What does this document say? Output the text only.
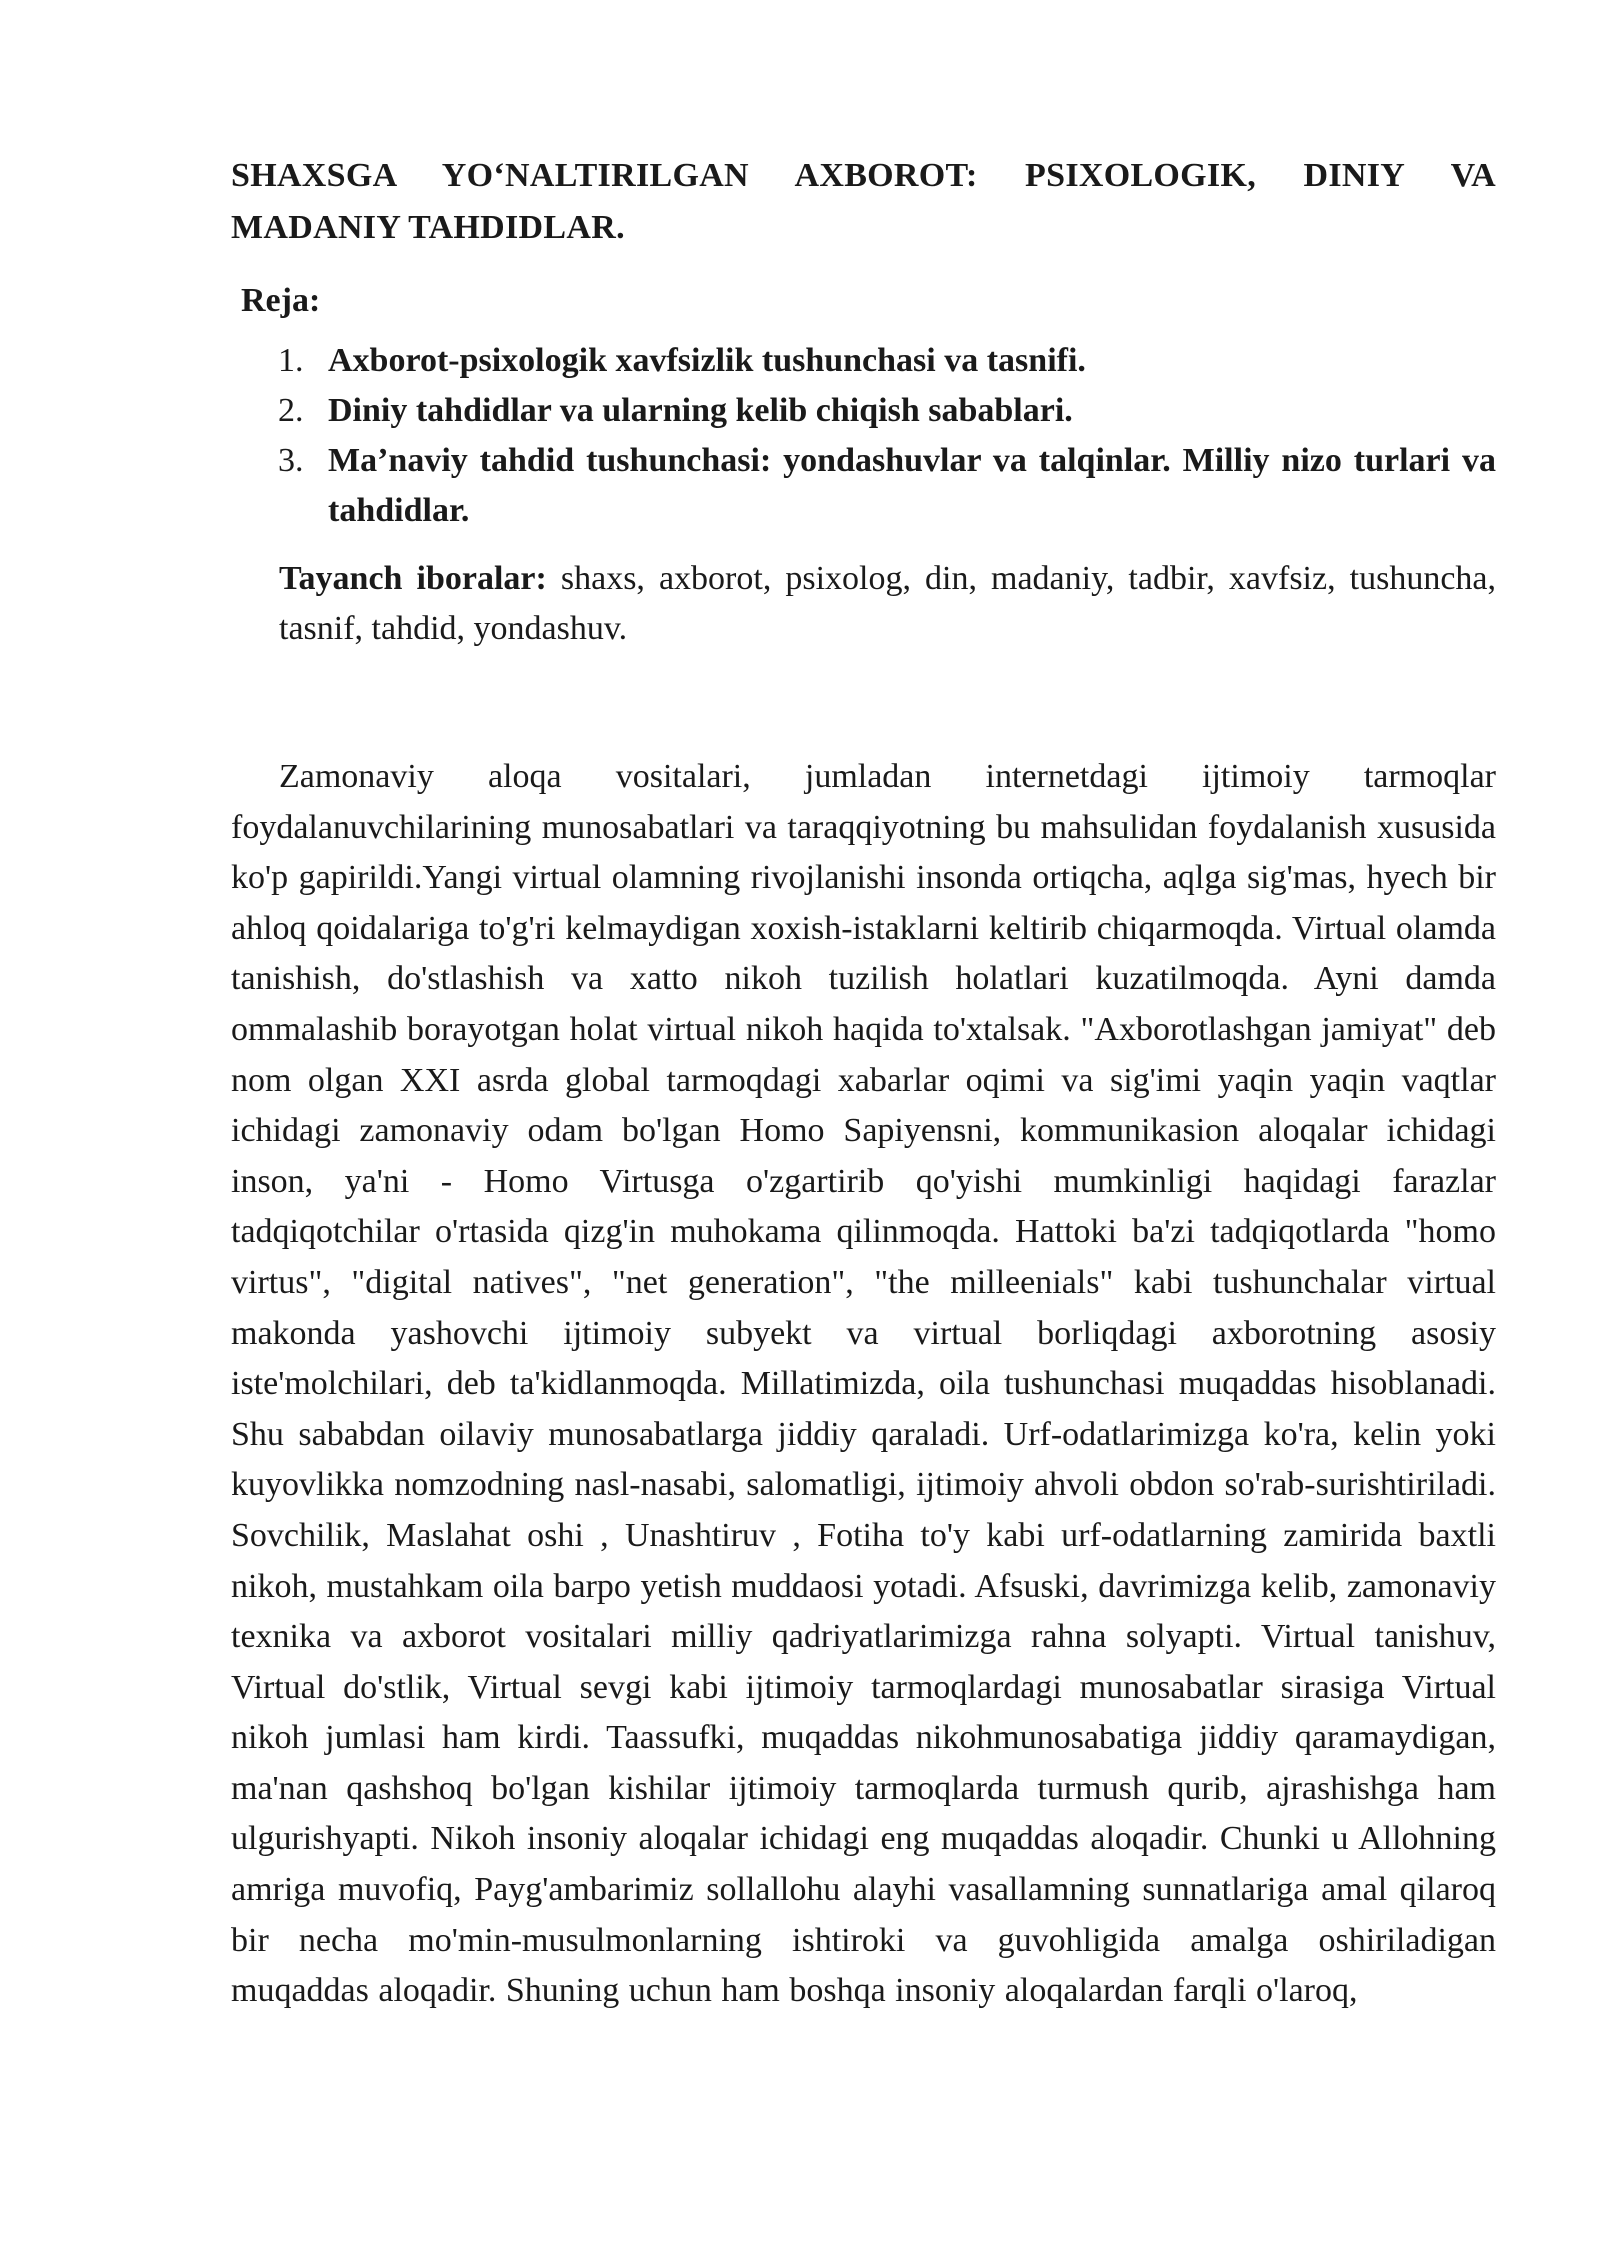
SHAXSGA YO‘NALTIRILGAN AXBOROT: PSIXOLOGIK, DINIY VA
MADANIY TAHDIDLAR.
Reja:
1. Axborot-psixologik xavfsizlik tushunchasi va tasnifi.
2. Diniy tahdidlar va ularning kelib chiqish sabablari.
3. Ma’naviy tahdid tushunchasi: yondashuvlar va talqinlar. Milliy nizo turlari va tahdidlar.

Tayanch iboralar: shaxs, axborot, psixolog, din, madaniy, tadbir, xavfsiz, tushuncha, tasnif, tahdid, yondashuv.

Zamonaviy aloqa vositalari, jumladan internetdagi ijtimoiy tarmoqlar foydalanuvchilarining munosabatlari va taraqqiyotning bu mahsulidan foydalanish xususida ko'p gapirildi.Yangi virtual olamning rivojlanishi insonda ortiqcha, aqlga sig'mas, hyech bir ahloq qoidalariga to'g'ri kelmaydigan xoxish-istaklarni keltirib chiqarmoqda. Virtual olamda tanishish, do'stlashish va xatto nikoh tuzilish holatlari kuzatilmoqda. Ayni damda ommalashib borayotgan holat virtual nikoh haqida to'xtalsak. "Axborotlashgan jamiyat" deb nom olgan XXI asrda global tarmoqdagi xabarlar oqimi va sig'imi yaqin yaqin vaqtlar ichidagi zamonaviy odam bo'lgan Homo Sapiyensni, kommunikasion aloqalar ichidagi inson, ya'ni - Homo Virtusga o'zgartirib qo'yishi mumkinligi haqidagi farazlar tadqiqotchilar o'rtasida qizg'in muhokama qilinmoqda. Hattoki ba'zi tadqiqotlarda "homo virtus", "digital natives", "net generation", "the milleenials" kabi tushunchalar virtual makonda yashovchi ijtimoiy subyekt va virtual borliqdagi axborotning asosiy iste'molchilari, deb ta'kidlanmoqda. Millatimizda, oila tushunchasi muqaddas hisoblanadi. Shu sababdan oilaviy munosabatlarga jiddiy qaraladi. Urf-odatlarimizga ko'ra, kelin yoki kuyovlikka nomzodning nasl-nasabi, salomatligi, ijtimoiy ahvoli obdon so'rab-surishtiriladi. Sovchilik, Maslahat oshi , Unashtiruv , Fotiha to'y kabi urf-odatlarning zamirida baxtli nikoh, mustahkam oila barpo yetish muddaosi yotadi. Afsuski, davrimizga kelib, zamonaviy texnika va axborot vositalari milliy qadriyatlarimizga rahna solyapti. Virtual tanishuv, Virtual do'stlik, Virtual sevgi kabi ijtimoiy tarmoqlardagi munosabatlar sirasiga Virtual nikoh jumlasi ham kirdi. Taassufki, muqaddas nikohmunosabatiga jiddiy qaramaydigan, ma'nan qashshoq bo'lgan kishilar ijtimoiy tarmoqlarda turmush qurib, ajrashishga ham ulgurishyapti. Nikoh insoniy aloqalar ichidagi eng muqaddas aloqadir. Chunki u Allohning amriga muvofiq, Payg'ambarimiz sollallohu alayhi vasallamning sunnatlariga amal qilaroq bir necha mo'min-musulmonlarning ishtiroki va guvohligida amalga oshiriladigan muqaddas aloqadir. Shuning uchun ham boshqa insoniy aloqalardan farqli o'laroq,
